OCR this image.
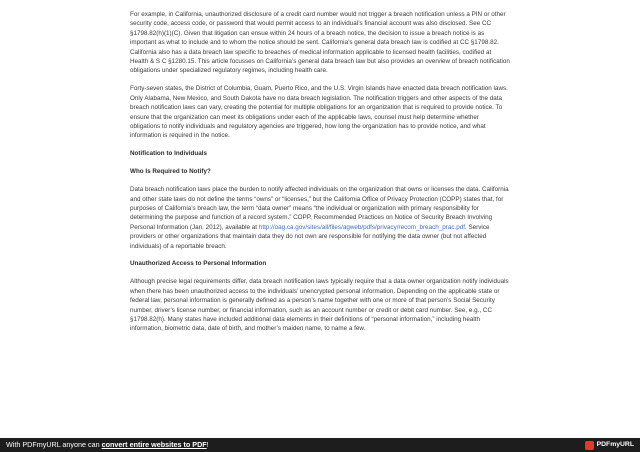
For example, in California, unauthorized disclosure of a credit card number would not trigger a breach notification unless a PIN or other security code, access code, or password that would permit access to an individual’s financial account was also disclosed. See CC §1798.82(h)(1)(C). Given that litigation can ensue within 24 hours of a breach notice, the decision to issue a breach notice is as important as what to include and to whom the notice should be sent. California’s general data breach law is codified at CC §1798.82. California also has a data breach law specific to breaches of medical information applicable to licensed health facilities, codified at Health & S C §1280.15. This article focusses on California’s general data breach law but also provides an overview of breach notification obligations under specialized regulatory regimes, including health care.

Forty-seven states, the District of Columbia, Guam, Puerto Rico, and the U.S. Virgin Islands have enacted data breach notification laws. Only Alabama, New Mexico, and South Dakota have no data breach legislation. The notification triggers and other aspects of the data breach notification laws can vary, creating the potential for multiple obligations for an organization that is required to provide notice. To ensure that the organization can meet its obligations under each of the applicable laws, counsel must help determine whether obligations to notify individuals and regulatory agencies are triggered, how long the organization has to provide notice, and what information is required in the notice.

Notification to Individuals
Who Is Required to Notify?

Data breach notification laws place the burden to notify affected individuals on the organization that owns or licenses the data. California and other state laws do not define the terms “owns” or “licenses,” but the California Office of Privacy Protection (COPP) states that, for purposes of California’s breach law, the term “data owner” means “the individual or organization with primary responsibility for determining the purpose and function of a record system.” COPP, Recommended Practices on Notice of Security Breach Involving Personal Information (Jan. 2012), available at http://oag.ca.gov/sites/all/files/agweb/pdfs/privacy/recom_breach_prac.pdf. Service providers or other organizations that maintain data they do not own are responsible for notifying the data owner (but not affected individuals) of a reportable breach.

Unauthorized Access to Personal Information

Although precise legal requirements differ, data breach notification laws typically require that a data owner organization notify individuals when there has been unauthorized access to the individuals’ unencrypted personal information. Depending on the applicable state or federal law, personal information is generally defined as a person’s name together with one or more of that person’s Social Security number, driver’s license number, or financial information, such as an account number or credit or debit card number. See, e.g., CC §1798.82(h). Many states have included additional data elements in their definitions of “personal information,” including health information, biometric data, date of birth, and mother’s maiden name, to name a few.

With PDFmyURL anyone can convert entire websites to PDF!	PDFmyURL
